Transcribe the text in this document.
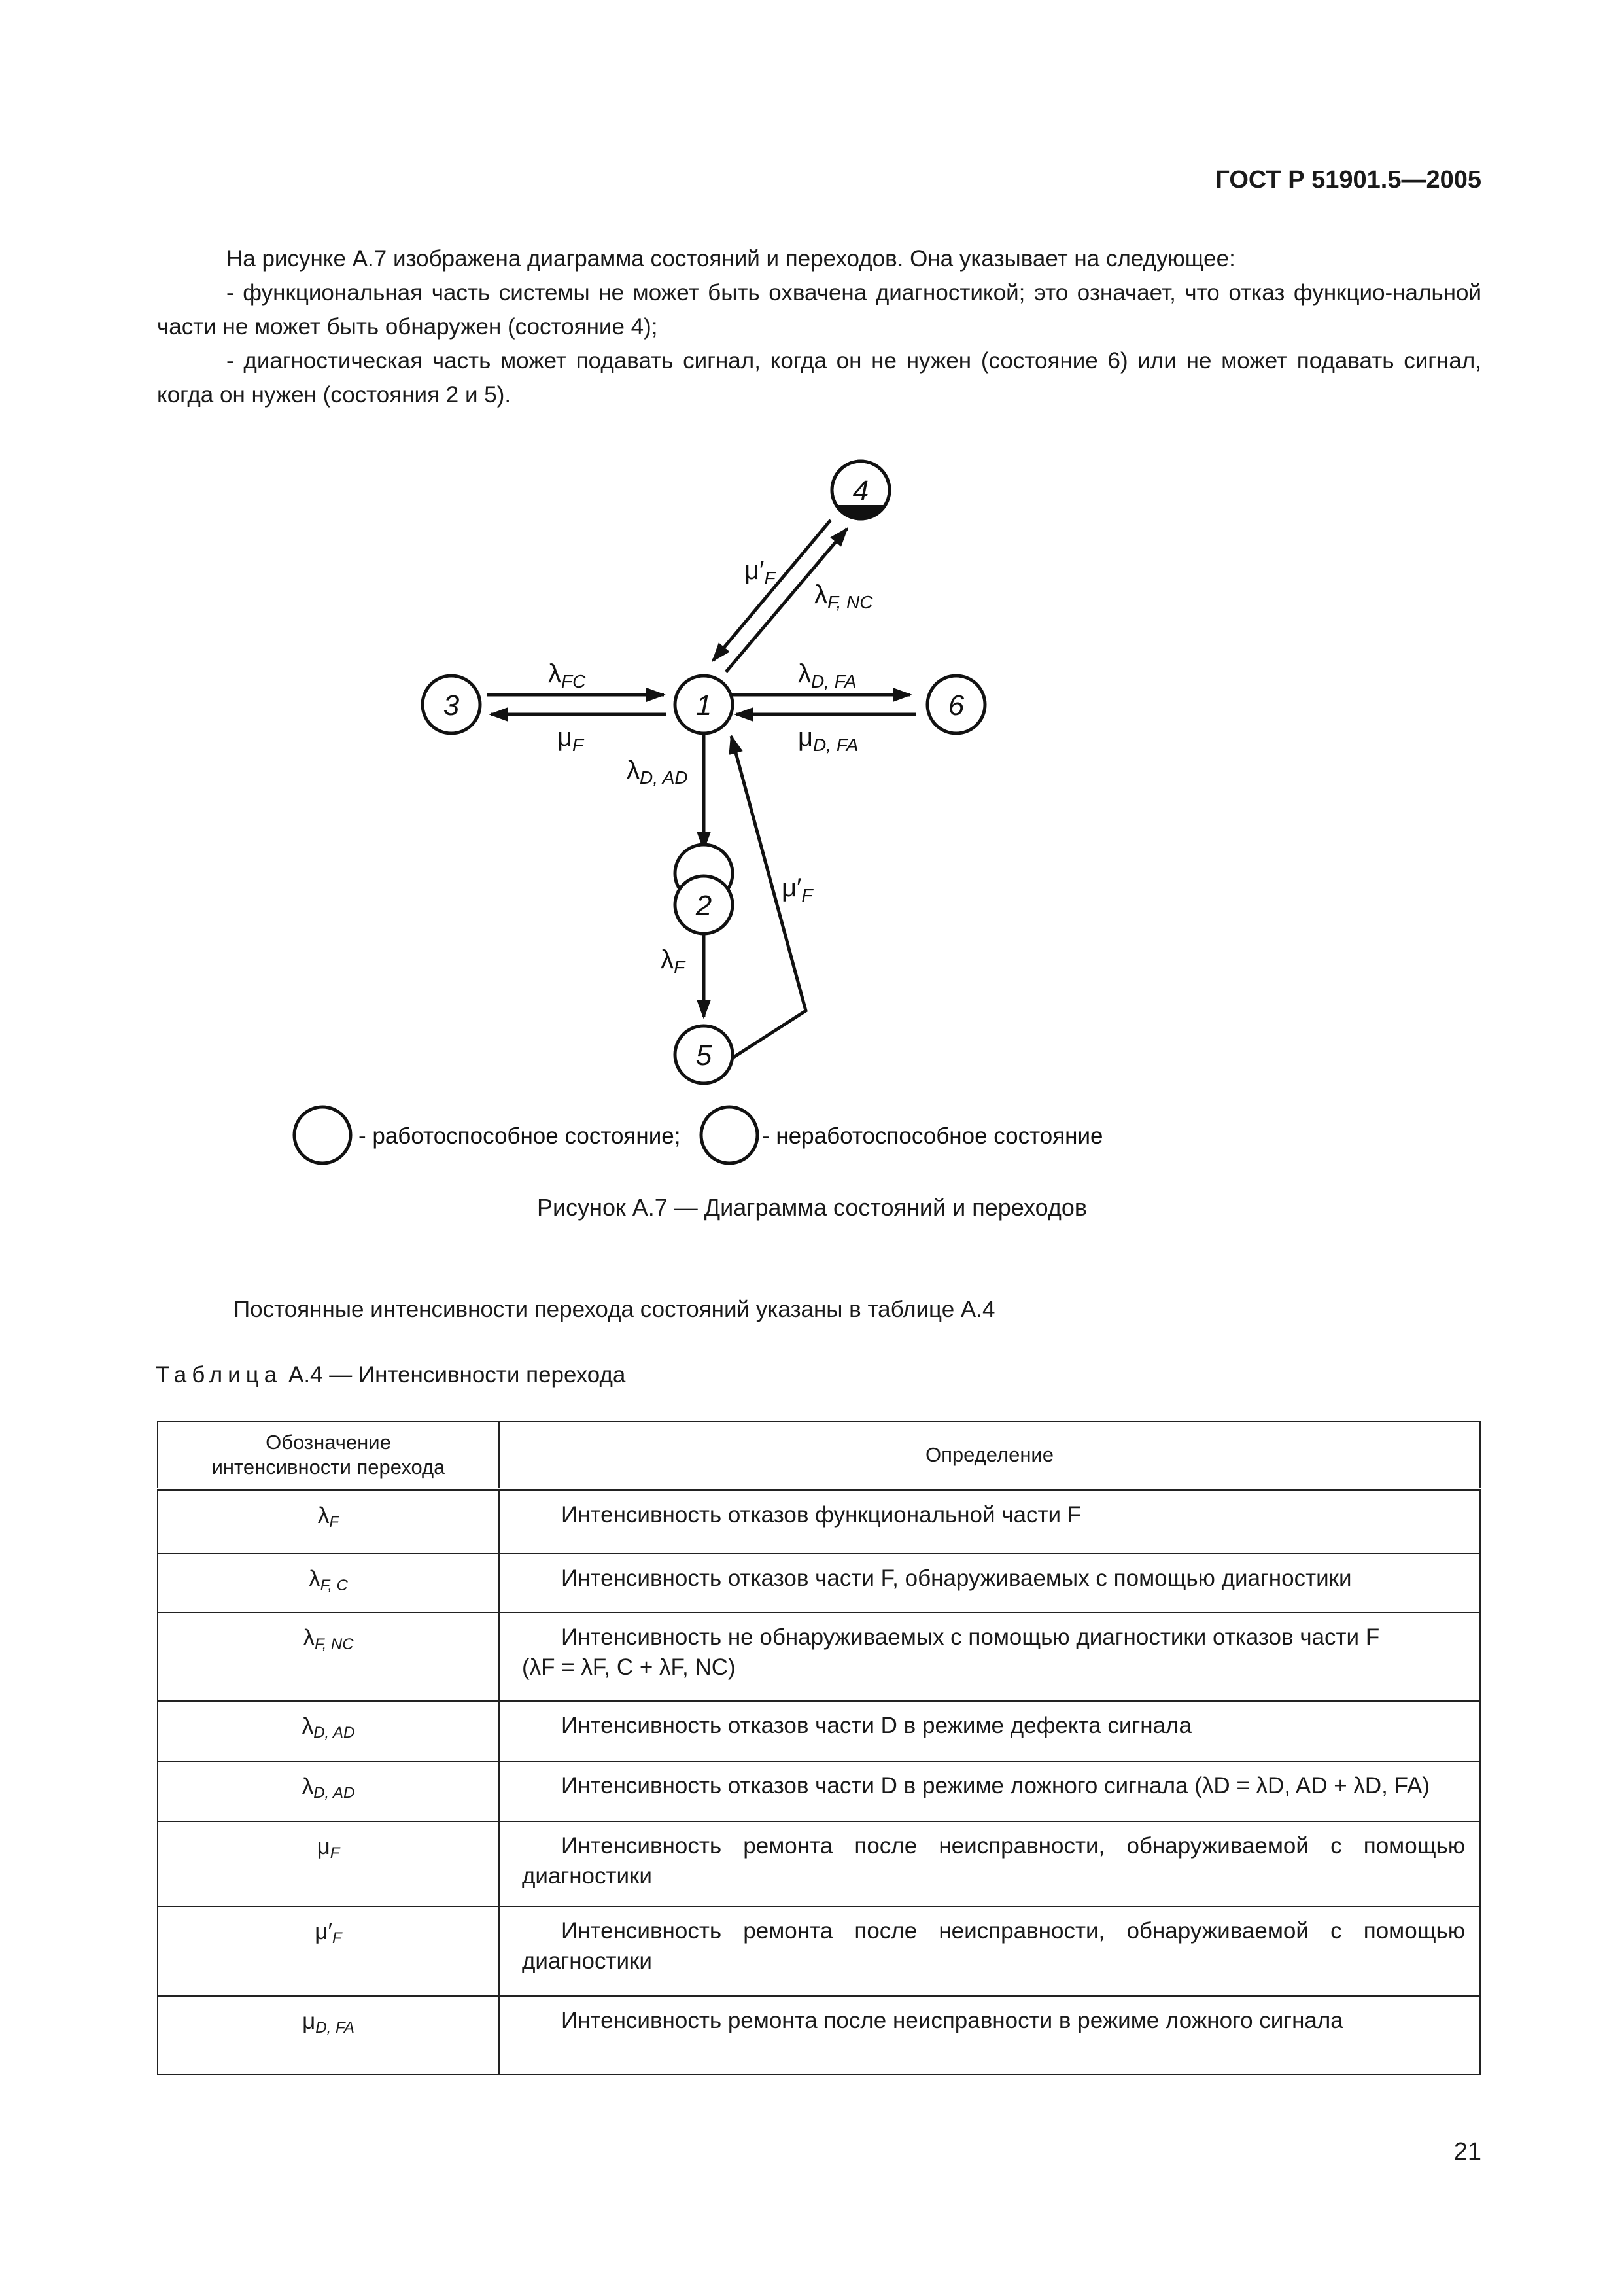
ГОСТ Р 51901.5—2005
На рисунке А.7 изображена диаграмма состояний и переходов. Она указывает на следующее:
- функциональная часть системы не может быть охвачена диагностикой; это означает, что отказ функцио-нальной части не может быть обнаружен (состояние 4);
- диагностическая часть может подавать сигнал, когда он не нужен (состояние 6) или не может подавать сигнал, когда он нужен (состояния 2 и 5).
3	1	6
2
5
4
$\lambda_{FC}$
$\mu_F$
$\lambda_{D, FA}$
$\mu_{D, FA}$
$\lambda_{F, NC}$
$\mu'_F$
$\lambda_{D, AD}$
$\lambda_F$
$\mu'_F$
- работоспособное состояние;	- неработоспособное состояние
Рисунок А.7 — Диаграмма состояний и переходов
Постоянные интенсивности перехода состояний указаны в таблице А.4
Таблица А.4 — Интенсивности перехода
Обозначение
интенсивности перехода	Определение

$\lambda_F$	Интенсивность отказов функциональной части F

$\lambda_{F, C}$	Интенсивность отказов части F, обнаруживаемых с помощью диагностики

$\lambda_{F, NC}$	Интенсивность не обнаруживаемых с помощью диагностики отказов части F
(λF = λF, C + λF, NC)
$\lambda_{D, AD}$	Интенсивность отказов части D в режиме дефекта сигнала

$\lambda_{D, AD}$	Интенсивность отказов части D в режиме ложного сигнала (λD = λD, AD + λD, FA)

$\mu_F$	Интенсивность ремонта после неисправности, обнаруживаемой с помощью диагностики

$\mu'_F$	Интенсивность ремонта после неисправности, обнаруживаемой с помощью диагностики

$\mu_{D, FA}$	Интенсивность ремонта после неисправности в режиме ложного сигнала
21
